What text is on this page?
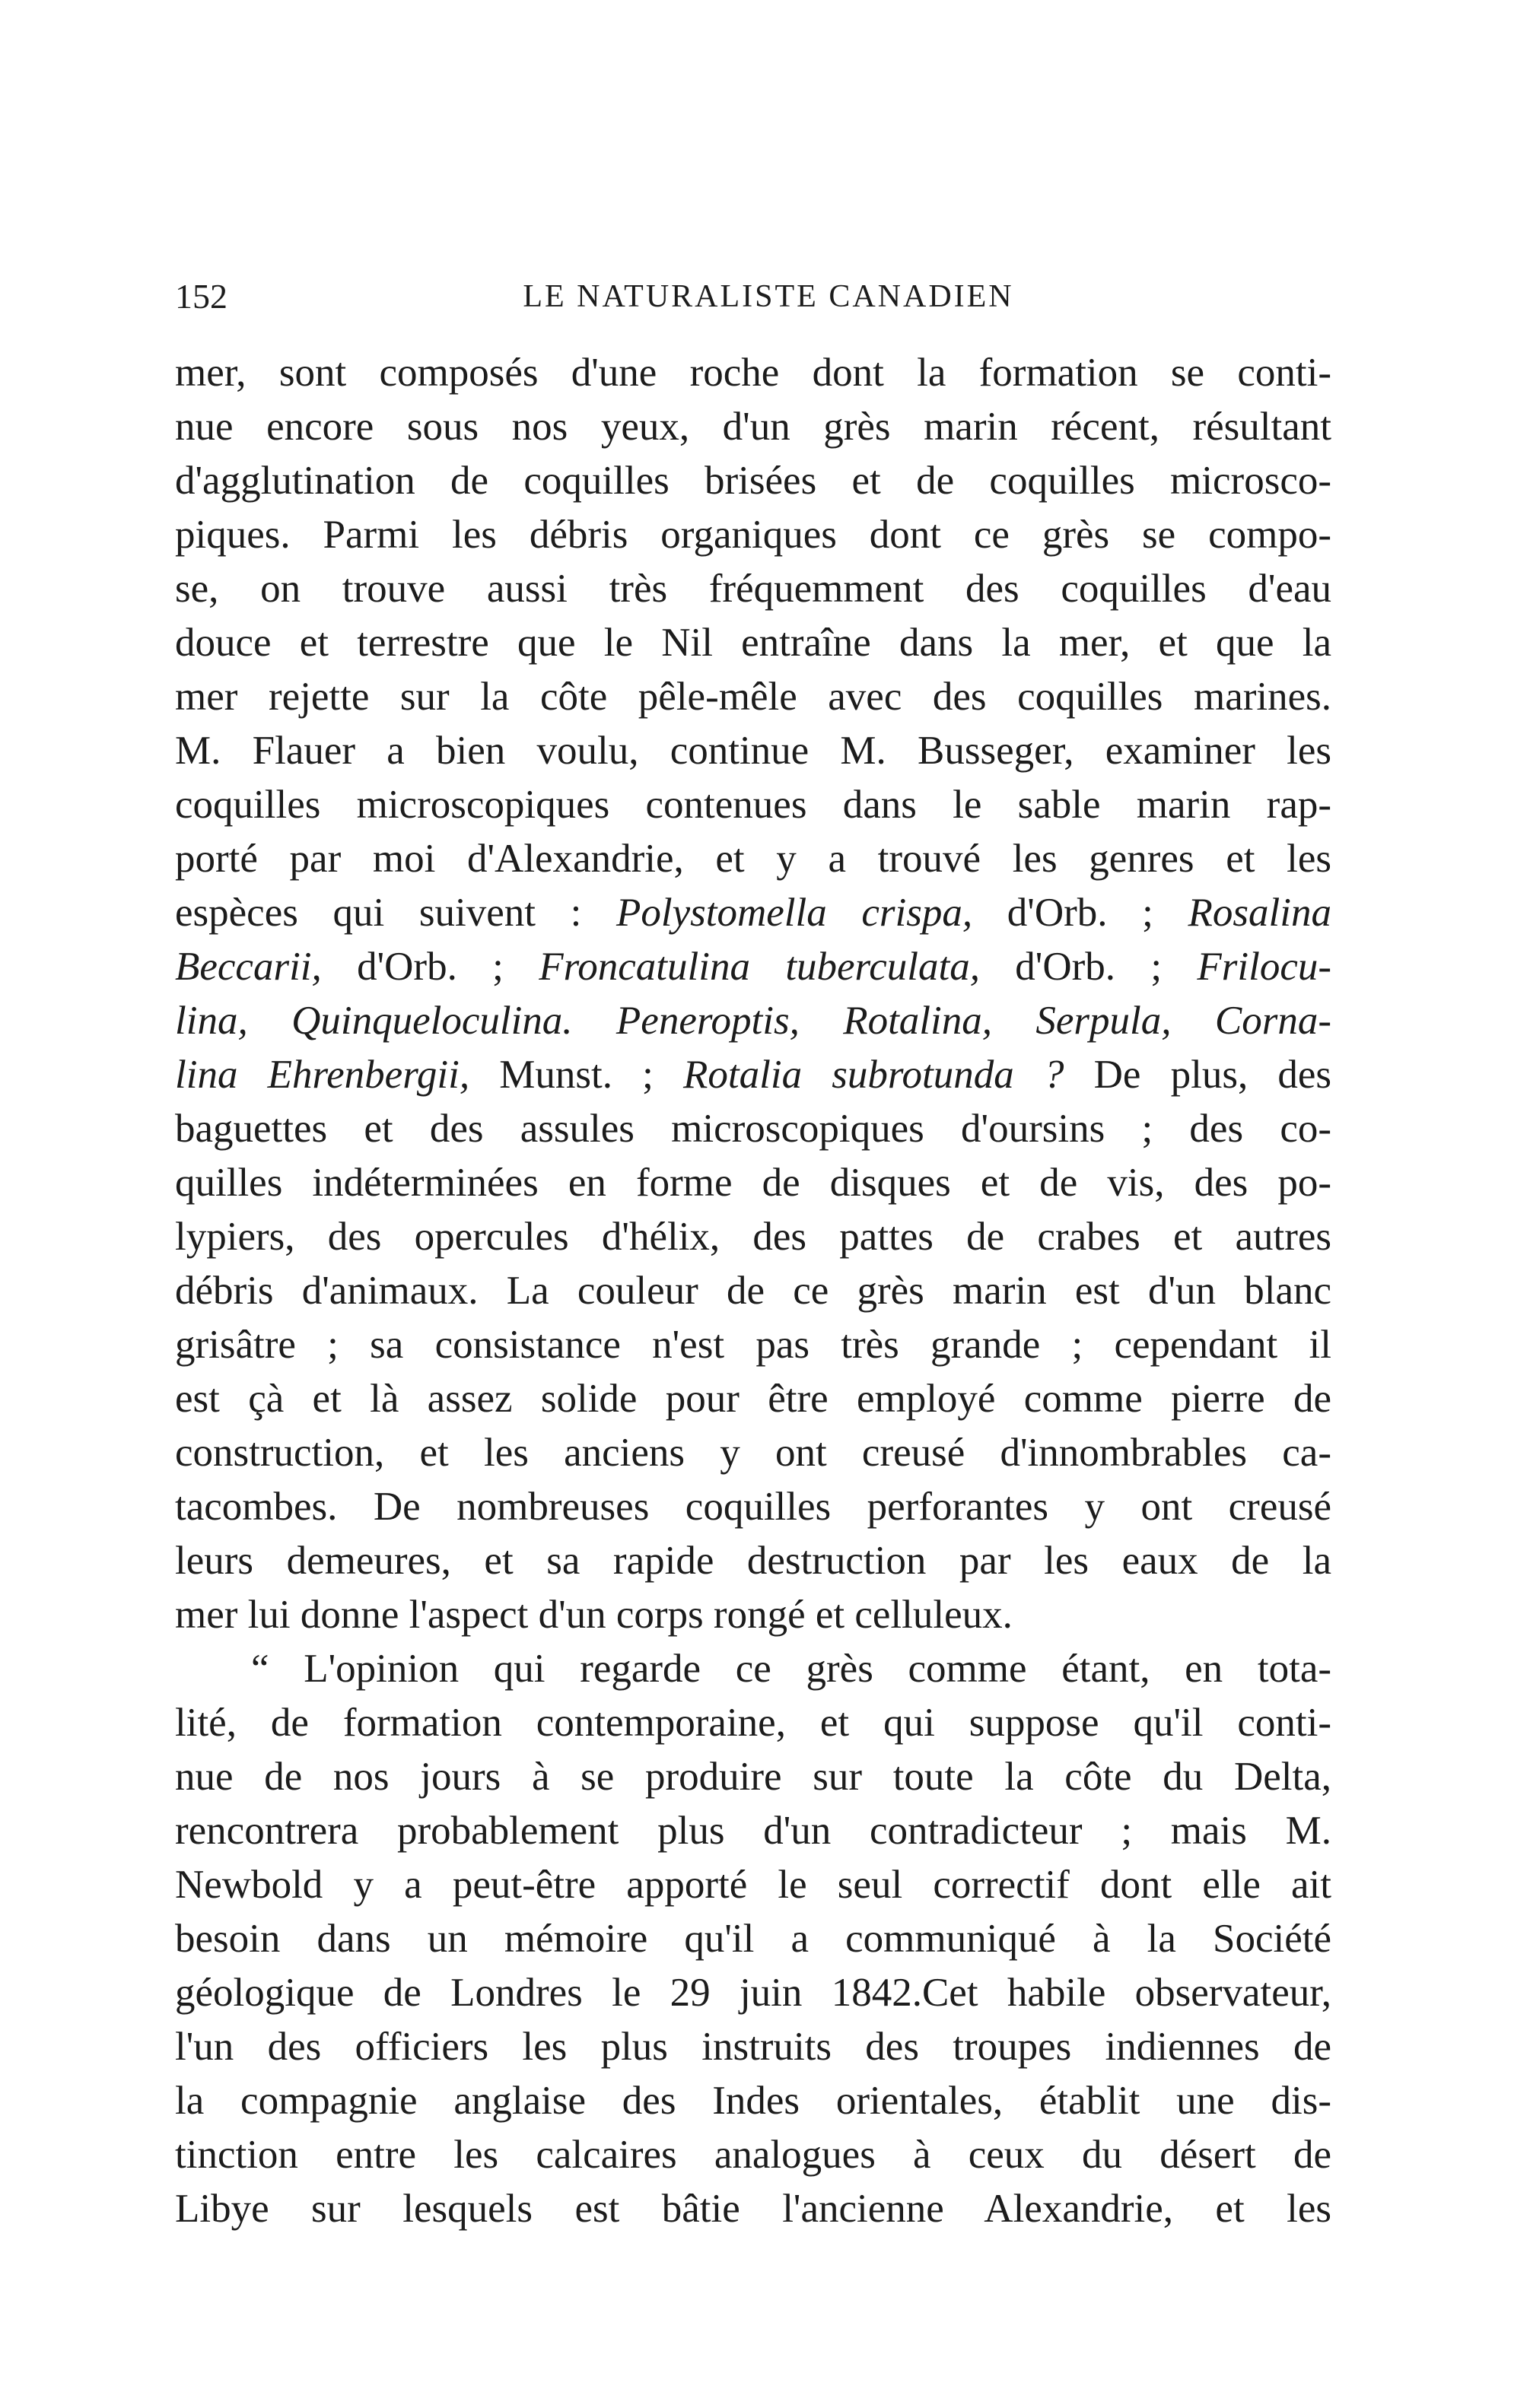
152	LE NATURALISTE CANADIEN
mer, sont composés d'une roche dont la formation se conti-
nue encore sous nos yeux, d'un grès marin récent, résultant
d'agglutination de coquilles brisées et de coquilles microsco-
piques. Parmi les débris organiques dont ce grès se compo-
se, on trouve aussi très fréquemment des coquilles d'eau
douce et terrestre que le Nil entraîne dans la mer, et que la
mer rejette sur la côte pêle-mêle avec des coquilles marines.
M. Flauer a bien voulu, continue M. Busseger, examiner les
coquilles microscopiques contenues dans le sable marin rap-
porté par moi d'Alexandrie, et y a trouvé les genres et les
espèces qui suivent : Polystomella crispa, d'Orb. ; Rosalina
Beccarii, d'Orb. ; Froncatulina tuberculata, d'Orb. ; Frilocu-
lina, Quinqueloculina. Peneroptis, Rotalina, Serpula, Corna-
lina Ehrenbergii, Munst. ; Rotalia subrotunda ? De plus, des
baguettes et des assules microscopiques d'oursins ; des co-
quilles indéterminées en forme de disques et de vis, des po-
lypiers, des opercules d'hélix, des pattes de crabes et autres
débris d'animaux. La couleur de ce grès marin est d'un blanc
grisâtre ; sa consistance n'est pas très grande ; cependant il
est çà et là assez solide pour être employé comme pierre de
construction, et les anciens y ont creusé d'innombrables ca-
tacombes. De nombreuses coquilles perforantes y ont creusé
leurs demeures, et sa rapide destruction par les eaux de la
mer lui donne l'aspect d'un corps rongé et celluleux.
“ L'opinion qui regarde ce grès comme étant, en tota-
lité, de formation contemporaine, et qui suppose qu'il conti-
nue de nos jours à se produire sur toute la côte du Delta,
rencontrera probablement plus d'un contradicteur ; mais M.
Newbold y a peut-être apporté le seul correctif dont elle ait
besoin dans un mémoire qu'il a communiqué à la Société
géologique de Londres le 29 juin 1842.Cet habile observateur,
l'un des officiers les plus instruits des troupes indiennes de
la compagnie anglaise des Indes orientales, établit une dis-
tinction entre les calcaires analogues à ceux du désert de
Libye sur lesquels est bâtie l'ancienne Alexandrie, et les
